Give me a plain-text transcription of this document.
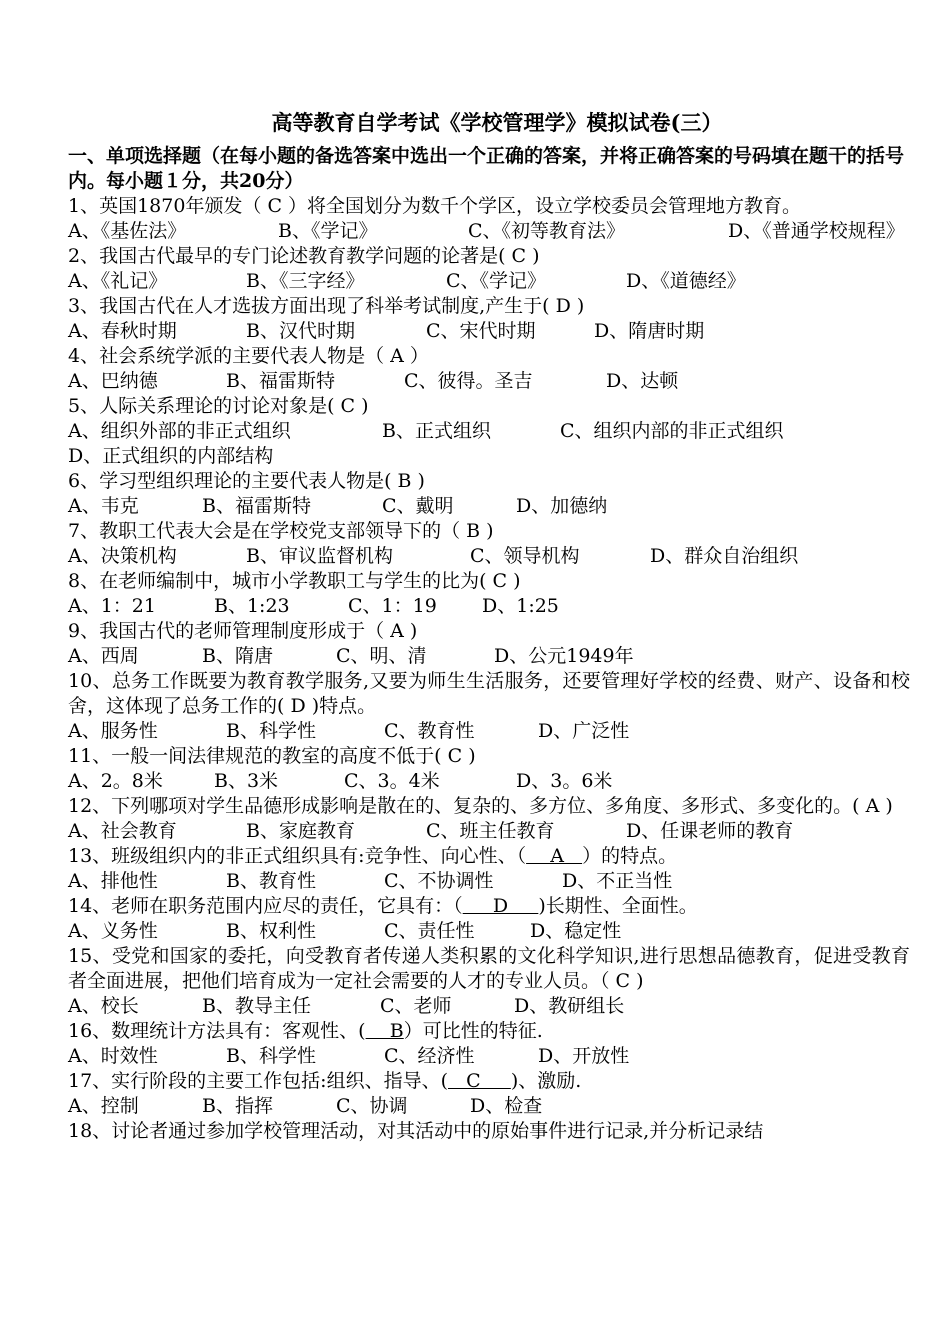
高等教育自学考试《学校管理学》模拟试卷(三）
一、单项选择题（在每小题的备选答案中选出一个正确的答案，并将正确答案的号码填在题干的括号内。每小题１分，共20分）
1、英国1870年颁发（ C ）将全国划分为数千个学区，设立学校委员会管理地方教育。
A、《基佐法》	B、《学记》	C、《初等教育法》	D、《普通学校规程》
2、我国古代最早的专门论述教育教学问题的论著是( C )
A、《礼记》	B、《三字经》	C、《学记》	D、《道德经》
3、我国古代在人才选拔方面出现了科举考试制度,产生于( D )
A、春秋时期	B、汉代时期	C、宋代时期	D、隋唐时期
4、社会系统学派的主要代表人物是（ A ）
A、巴纳德	B、福雷斯特	C、彼得。圣吉	D、达顿
5、人际关系理论的讨论对象是( C )
A、组织外部的非正式组织	B、正式组织	C、组织内部的非正式组织
D、正式组织的内部结构
6、学习型组织理论的主要代表人物是( B )
A、韦克	B、福雷斯特	C、戴明	D、加德纳
7、教职工代表大会是在学校党支部领导下的（ B )
A、决策机构	B、审议监督机构	C、领导机构	D、群众自治组织
8、在老师编制中，城市小学教职工与学生的比为( C )
A、1：21	B、1:23	C、1：19 D、1:25
9、我国古代的老师管理制度形成于（ A )
A、西周	B、隋唐	C、明、清	D、公元1949年
10、总务工作既要为教育教学服务,又要为师生生活服务，还要管理好学校的经费、财产、设备和校舍，这体现了总务工作的( D )特点。
A、服务性	B、科学性	C、教育性	D、广泛性
11、一般一间法律规范的教室的高度不低于( C )
A、2。8米	B、3米	C、3。4米	D、3。6米
12、下列哪项对学生品德形成影响是散在的、复杂的、多方位、多角度、多形式、多变化的。( A )
A、社会教育	B、家庭教育	C、班主任教育	D、任课老师的教育
13、班级组织内的非正式组织具有:竞争性、向心性、（    A   ）的特点。
A、排他性	B、教育性	C、不协调性	D、不正当性
14、老师在职务范围内应尽的责任，它具有：（     D     )长期性、全面性。
A、义务性	B、权利性	C、责任性	D、稳定性
15、受党和国家的委托，向受教育者传递人类积累的文化科学知识,进行思想品德教育，促进受教育者全面进展，把他们培育成为一定社会需要的人才的专业人员。（ C )
A、校长	B、教导主任	C、老师	D、教研组长
16、数理统计方法具有：客观性、(    B）可比性的特征.
A、时效性	B、科学性	C、经济性	D、开放性
17、实行阶段的主要工作包括:组织、指导、(   C     )、激励.
A、控制	B、指挥	C、协调	D、检查
18、讨论者通过参加学校管理活动，对其活动中的原始事件进行记录,并分析记录结
